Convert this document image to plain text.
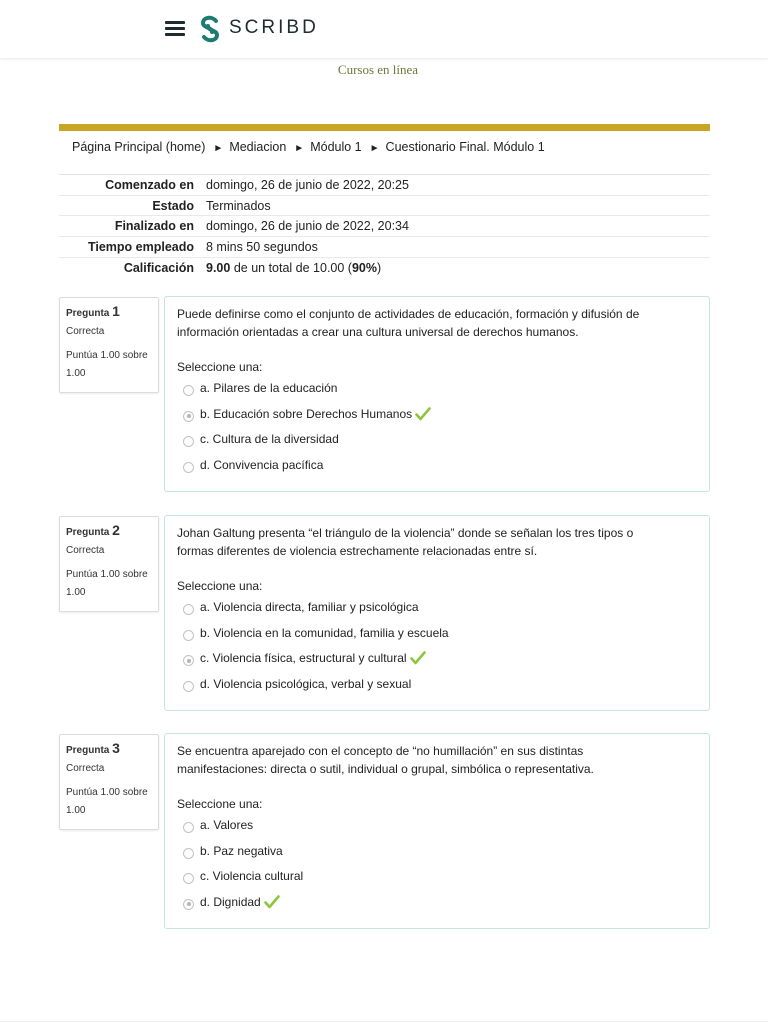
SCRIBD
Cursos en línea
Página Principal (home) ► Mediacion ► Módulo 1 ► Cuestionario Final. Módulo 1
Comenzado en domingo, 26 de junio de 2022, 20:25
Estado Terminados
Finalizado en domingo, 26 de junio de 2022, 20:34
Tiempo empleado 8 mins 50 segundos
Calificación 9.00 de un total de 10.00 (90%)
Pregunta 1
Correcta
Puntúa 1.00 sobre 1.00
Puede definirse como el conjunto de actividades de educación, formación y difusión de información orientadas a crear una cultura universal de derechos humanos.
Seleccione una:
a. Pilares de la educación
b. Educación sobre Derechos Humanos
c. Cultura de la diversidad
d. Convivencia pacífica
Pregunta 2
Correcta
Puntúa 1.00 sobre 1.00
Johan Galtung presenta “el triángulo de la violencia” donde se señalan los tres tipos o formas diferentes de violencia estrechamente relacionadas entre sí.
Seleccione una:
a. Violencia directa, familiar y psicológica
b. Violencia en la comunidad, familia y escuela
c. Violencia física, estructural y cultural
d. Violencia psicológica, verbal y sexual
Pregunta 3
Correcta
Puntúa 1.00 sobre 1.00
Se encuentra aparejado con el concepto de “no humillación” en sus distintas manifestaciones: directa o sutil, individual o grupal, simbólica o representativa.
Seleccione una:
a. Valores
b. Paz negativa
c. Violencia cultural
d. Dignidad
